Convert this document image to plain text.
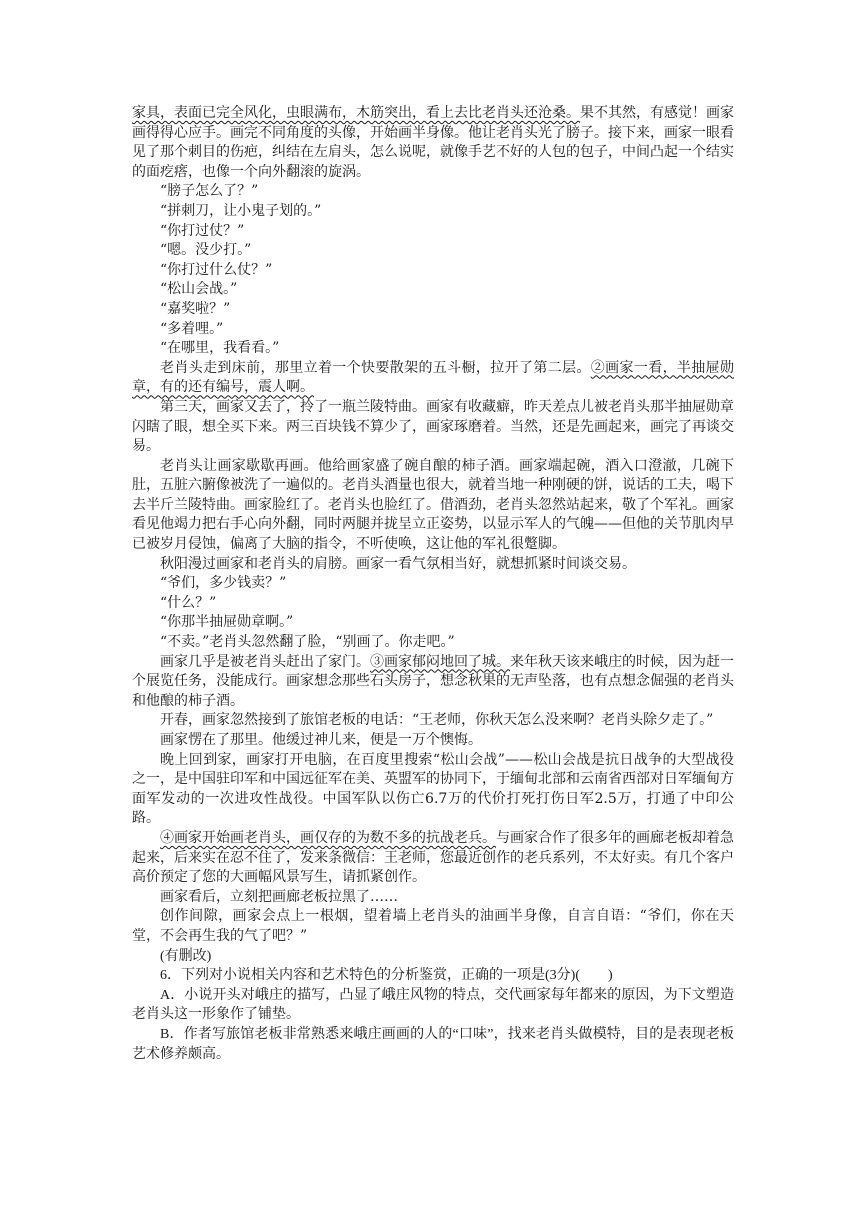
家具，表面已完全风化，虫眼满布，木筋突出，看上去比老肖头还沧桑。果不其然，有感觉！画家画得得心应手。画完不同角度的头像，开始画半身像。他让老肖头光了膀子。接下来，画家一眼看见了那个刺目的伤疤，纠结在左肩头，怎么说呢，就像手艺不好的人包的包子，中间凸起一个结实的面疙瘩，也像一个向外翻滚的旋涡。

“膀子怎么了？”

“拼刺刀，让小鬼子划的。”

“你打过仗？”

“嗯。没少打。”

“你打过什么仗？”

“松山会战。”

“嘉奖啦？”

“多着哩。”

“在哪里，我看看。”

老肖头走到床前，那里立着一个快要散架的五斗橱，拉开了第二层。②画家一看，半抽屉勋章，有的还有编号，震人啊。

第三天，画家又去了，拎了一瓶兰陵特曲。画家有收藏癖，昨天差点儿被老肖头那半抽屉勋章闪瞎了眼，想全买下来。两三百块钱不算少了，画家琢磨着。当然，还是先画起来，画完了再谈交易。

老肖头让画家歇歇再画。他给画家盛了碗自酿的柿子酒。画家端起碗，酒入口澄澈，几碗下肚，五脏六腑像被洗了一遍似的。老肖头酒量也很大，就着当地一种刚硬的饼，说话的工夫，喝下去半斤兰陵特曲。画家脸红了。老肖头也脸红了。借酒劲，老肖头忽然站起来，敬了个军礼。画家看见他竭力把右手心向外翻，同时两腿并拢呈立正姿势，以显示军人的气魄——但他的关节肌肉早已被岁月侵蚀，偏离了大脑的指令，不听使唤，这让他的军礼很蹩脚。

秋阳漫过画家和老肖头的肩膀。画家一看气氛相当好，就想抓紧时间谈交易。

“爷们，多少钱卖？”

“什么？”

“你那半抽屉勋章啊。”

“不卖。”老肖头忽然翻了脸，“别画了。你走吧。”

画家几乎是被老肖头赶出了家门。③画家郁闷地回了城。来年秋天该来峨庄的时候，因为赶一个展览任务，没能成行。画家想念那些石头房子，想念秋果的无声坠落，也有点想念倔强的老肖头和他酿的柿子酒。

开春，画家忽然接到了旅馆老板的电话：“王老师，你秋天怎么没来啊？老肖头除夕走了。”

画家愣在了那里。他缓过神儿来，便是一万个懊悔。

晚上回到家，画家打开电脑，在百度里搜索“松山会战”——松山会战是抗日战争的大型战役之一，是中国驻印军和中国远征军在美、英盟军的协同下，于缅甸北部和云南省西部对日军缅甸方面军发动的一次进攻性战役。中国军队以伤亡6.7万的代价打死打伤日军2.5万，打通了中印公路。

④画家开始画老肖头，画仅存的为数不多的抗战老兵。与画家合作了很多年的画廊老板却着急起来，后来实在忍不住了，发来条微信：王老师，您最近创作的老兵系列，不太好卖。有几个客户高价预定了您的大画幅风景写生，请抓紧创作。

画家看后，立刻把画廊老板拉黑了……

创作间隙，画家会点上一根烟，望着墙上老肖头的油画半身像，自言自语：“爷们，你在天堂，不会再生我的气了吧？”

(有删改)

6．下列对小说相关内容和艺术特色的分析鉴赏，正确的一项是(3分)(　　)

A．小说开头对峨庄的描写，凸显了峨庄风物的特点，交代画家每年都来的原因，为下文塑造老肖头这一形象作了铺垫。

B．作者写旅馆老板非常熟悉来峨庄画画的人的“口味”，找来老肖头做模特，目的是表现老板艺术修养颇高。
